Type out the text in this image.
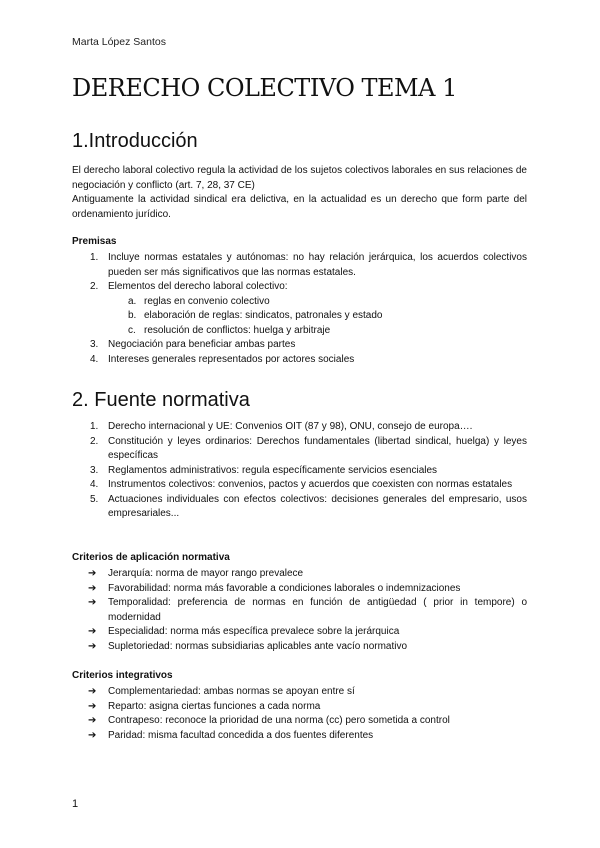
Marta López Santos
DERECHO COLECTIVO TEMA 1
1.Introducción

El derecho laboral colectivo regula la actividad de los sujetos colectivos laborales en sus relaciones de negociación y conflicto (art. 7, 28, 37 CE)

Antiguamente la actividad sindical era delictiva, en la actualidad es un derecho que form parte del ordenamiento jurídico.

Premisas

1. Incluye normas estatales y autónomas: no hay relación jerárquica, los acuerdos colectivos pueden ser más significativos que las normas estatales.
2. Elementos del derecho laboral colectivo:
a. reglas en convenio colectivo
b. elaboración de reglas: sindicatos, patronales y estado
c. resolución de conflictos: huelga y arbitraje
3. Negociación para beneficiar ambas partes
4. Intereses generales representados por actores sociales
2. Fuente normativa
1. Derecho internacional y UE: Convenios OIT (87 y 98), ONU, consejo de europa….
2. Constitución y leyes ordinarios: Derechos fundamentales (libertad sindical, huelga) y leyes específicas
3. Reglamentos administrativos: regula específicamente servicios esenciales
4. Instrumentos colectivos: convenios, pactos y acuerdos que coexisten con normas estatales
5. Actuaciones individuales con efectos colectivos: decisiones generales del empresario, usos empresariales...

Criterios de aplicación normativa

➔ Jerarquía: norma de mayor rango prevalece
➔ Favorabilidad: norma más favorable a condiciones laborales o indemnizaciones
➔ Temporalidad: preferencia de normas en función de antigüedad ( prior in tempore) o modernidad
➔ Especialidad: norma más específica prevalece sobre la jerárquica
➔ Supletoriedad: normas subsidiarias aplicables ante vacío normativo

Criterios integrativos

➔ Complementariedad: ambas normas se apoyan entre sí
➔ Reparto: asigna ciertas funciones a cada norma
➔ Contrapeso: reconoce la prioridad de una norma (cc) pero sometida a control
➔ Paridad: misma facultad concedida a dos fuentes diferentes
1
